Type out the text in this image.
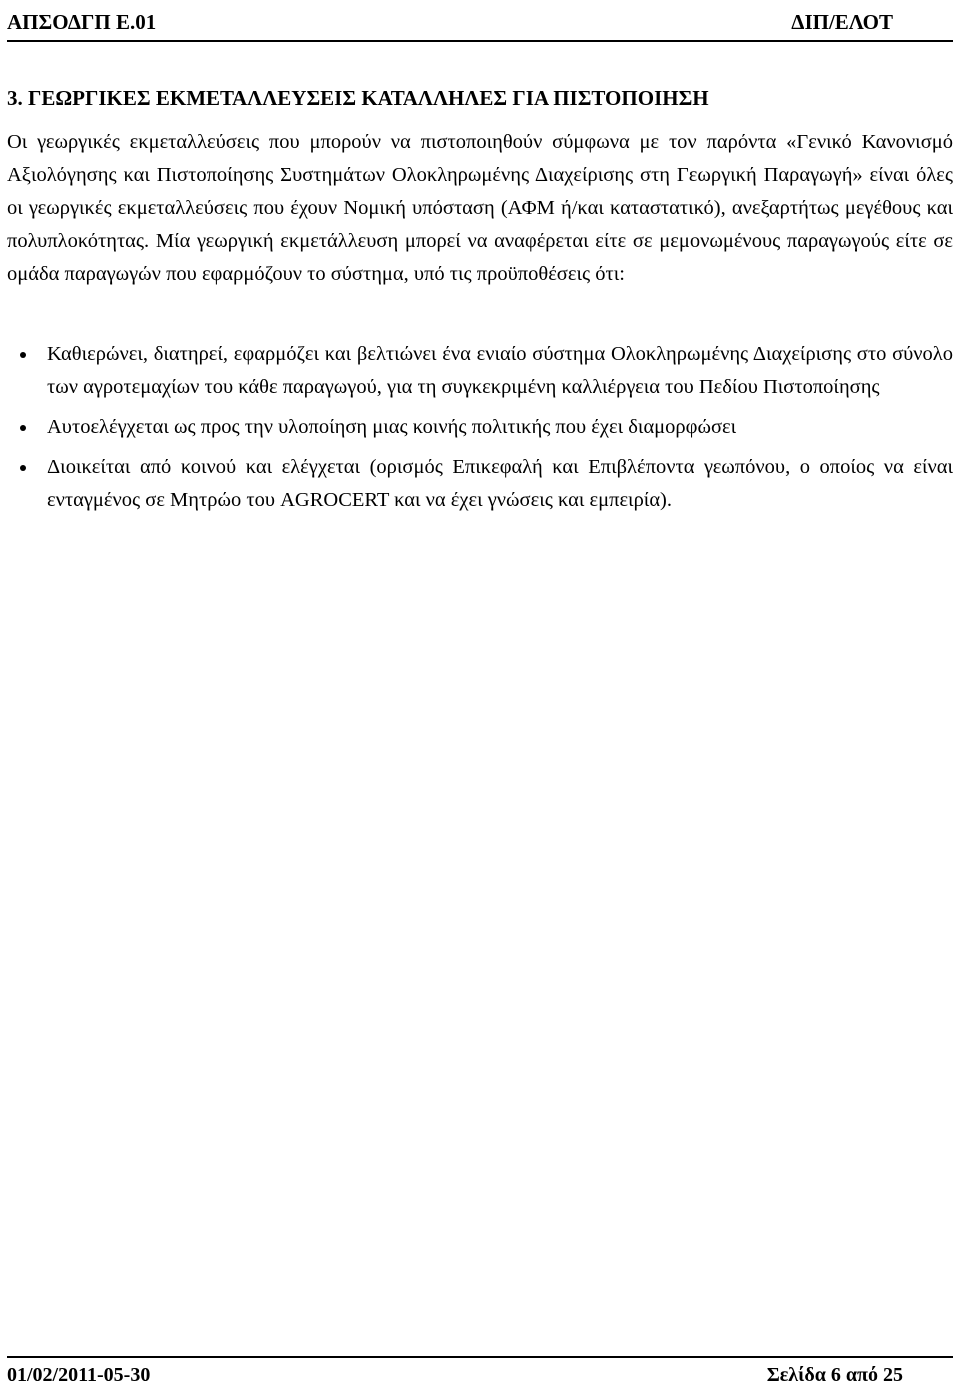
ΑΠΣΟΔΓΠ Ε.01	ΔΙΠ/ΕΛΟΤ
3. ΓΕΩΡΓΙΚΕΣ ΕΚΜΕΤΑΛΛΕΥΣΕΙΣ ΚΑΤΑΛΛΗΛΕΣ ΓΙΑ ΠΙΣΤΟΠΟΙΗΣΗ

Οι γεωργικές εκμεταλλεύσεις που μπορούν να πιστοποιηθούν σύμφωνα με τον παρόντα «Γενικό Κανονισμό Αξιολόγησης και Πιστοποίησης Συστημάτων Ολοκληρωμένης Διαχείρισης στη Γεωργική Παραγωγή» είναι όλες οι γεωργικές εκμεταλλεύσεις που έχουν Νομική υπόσταση (ΑΦΜ ή/και καταστατικό), ανεξαρτήτως μεγέθους και πολυπλοκότητας. Μία γεωργική εκμετάλλευση μπορεί να αναφέρεται είτε σε μεμονωμένους παραγωγούς είτε σε ομάδα παραγωγών που εφαρμόζουν το σύστημα, υπό τις προϋποθέσεις ότι:

Καθιερώνει, διατηρεί, εφαρμόζει και βελτιώνει ένα ενιαίο σύστημα Ολοκληρωμένης Διαχείρισης στο σύνολο των αγροτεμαχίων του κάθε παραγωγού, για τη συγκεκριμένη καλλιέργεια του Πεδίου Πιστοποίησης
Αυτοελέγχεται ως προς την υλοποίηση μιας κοινής πολιτικής που έχει διαμορφώσει
Διοικείται από κοινού και ελέγχεται (ορισμός Επικεφαλή και Επιβλέποντα γεωπόνου, ο οποίος να είναι ενταγμένος σε Μητρώο του AGROCERT και να έχει γνώσεις και εμπειρία).
01/02/2011-05-30	Σελίδα 6 από 25
